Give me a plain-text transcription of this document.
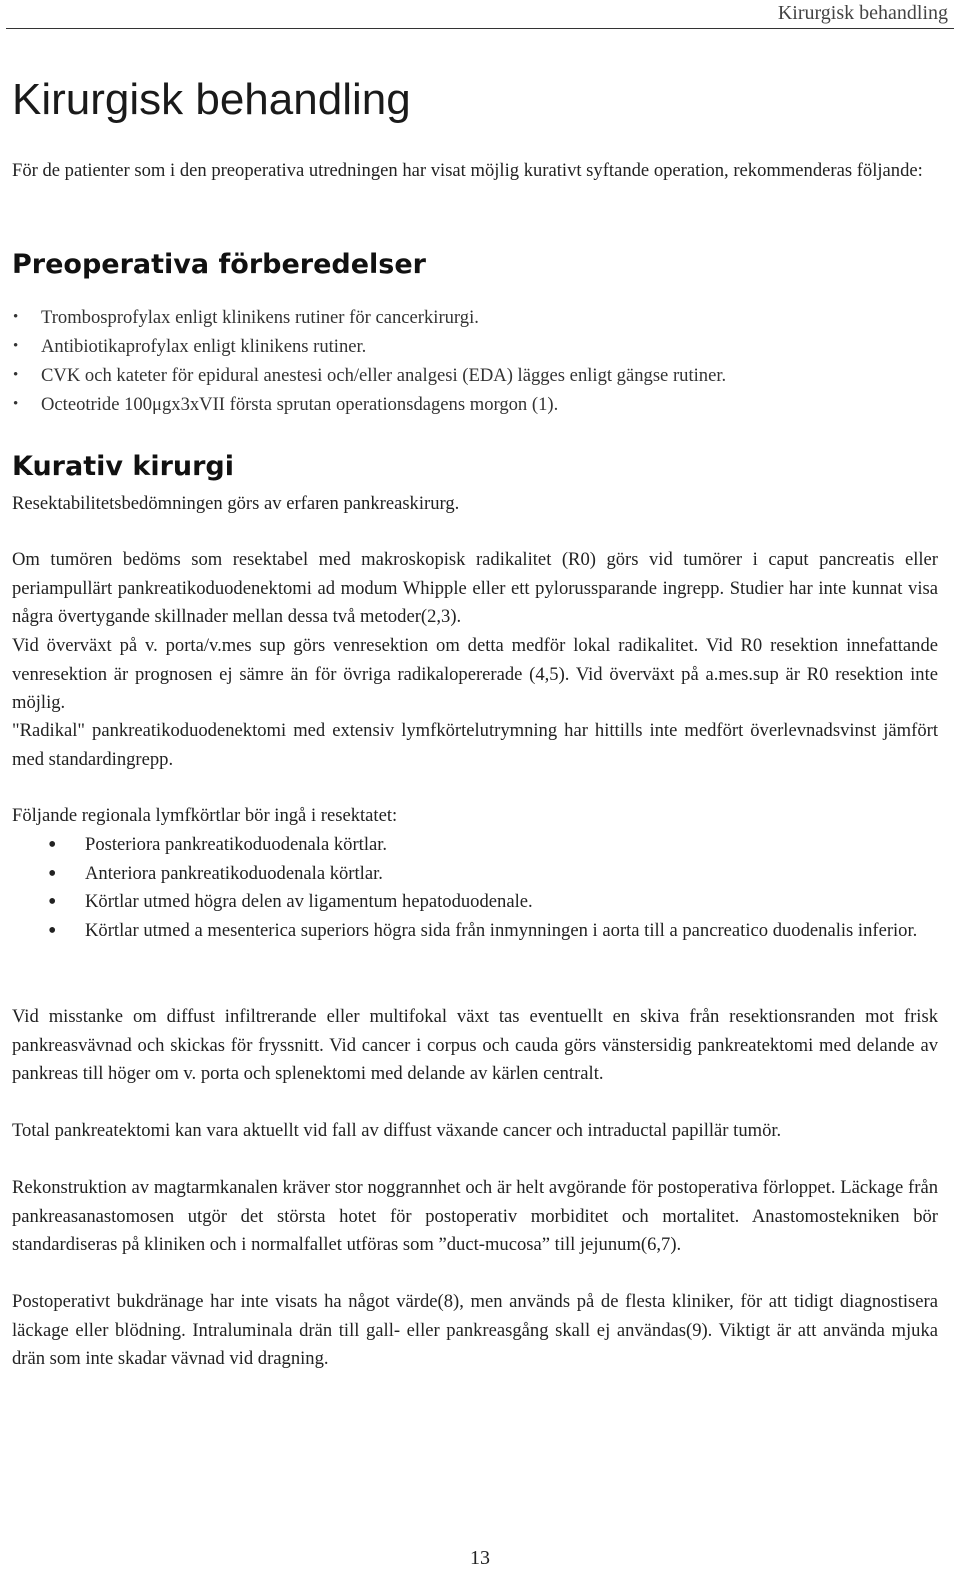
Kirurgisk behandling
Kirurgisk behandling

För de patienter som i den preoperativa utredningen har visat möjlig kurativt syftande operation, rekommenderas följande:

Preoperativa förberedelser
• Trombosprofylax enligt klinikens rutiner för cancerkirurgi.
• Antibiotikaprofylax enligt klinikens rutiner.
• CVK och kateter för epidural anestesi och/eller analgesi (EDA) lägges enligt gängse rutiner.
• Octeotride 100μgx3xVII första sprutan operationsdagens morgon (1).
Kurativ kirurgi

Resektabilitetsbedömningen görs av erfaren pankreaskirurg.

Om tumören bedöms som resektabel med makroskopisk radikalitet (R0) görs vid tumörer i caput pancreatis eller periampullärt pankreatikoduodenektomi ad modum Whipple eller ett pylorussparande ingrepp. Studier har inte kunnat visa några övertygande skillnader mellan dessa två metoder(2,3).

Vid överväxt på v. porta/v.mes sup görs venresektion om detta medför lokal radikalitet. Vid R0 resektion innefattande venresektion är prognosen ej sämre än för övriga radikalopererade (4,5). Vid överväxt på a.mes.sup är R0 resektion inte möjlig.

"Radikal" pankreatikoduodenektomi med extensiv lymfkörtelutrymning har hittills inte medfört överlevnadsvinst jämfört med standardingrepp.

Följande regionala lymfkörtlar bör ingå i resektatet:

• Posteriora pankreatikoduodenala körtlar.
• Anteriora pankreatikoduodenala körtlar.
• Körtlar utmed högra delen av ligamentum hepatoduodenale.
• Körtlar utmed a mesenterica superiors högra sida från inmynningen i aorta till a pancreatico duodenalis inferior.

Vid misstanke om diffust infiltrerande eller multifokal växt tas eventuellt en skiva från resektionsranden mot frisk pankreasvävnad och skickas för fryssnitt. Vid cancer i corpus och cauda görs vänstersidig pankreatektomi med delande av pankreas till höger om v. porta och splenektomi med delande av kärlen centralt.

Total pankreatektomi kan vara aktuellt vid fall av diffust växande cancer och intraductal papillär tumör.

Rekonstruktion av magtarmkanalen kräver stor noggrannhet och är helt avgörande för postoperativa förloppet. Läckage från pankreasanastomosen utgör det största hotet för postoperativ morbiditet och mortalitet. Anastomostekniken bör standardiseras på kliniken och i normalfallet utföras som ”duct-mucosa” till jejunum(6,7).

Postoperativt bukdränage har inte visats ha något värde(8), men används på de flesta kliniker, för att tidigt diagnostisera läckage eller blödning. Intraluminala drän till gall- eller pankreasgång skall ej användas(9). Viktigt är att använda mjuka drän som inte skadar vävnad vid dragning.

13
